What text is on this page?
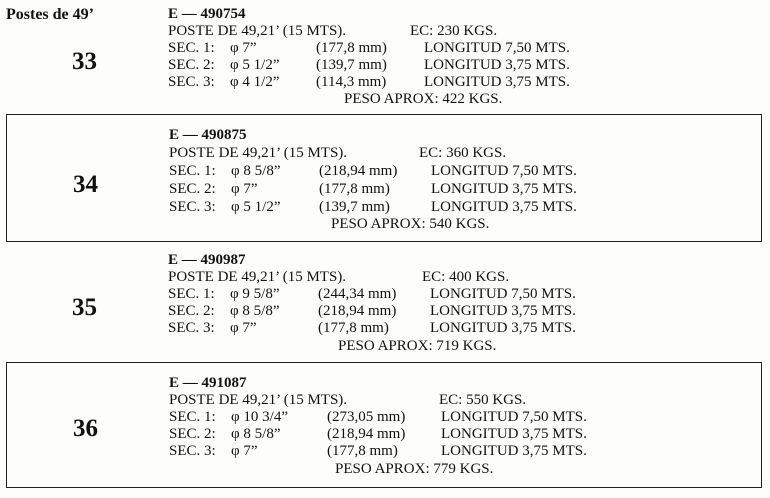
Postes de 49’
33
E — 490754
POSTE DE 49,21’ (15 MTS).	EC: 230 KGS.
SEC. 1: φ 7”	(177,8 mm) LONGITUD 7,50 MTS.
SEC. 2: φ 5 1/2” (139,7 mm) LONGITUD 3,75 MTS.
SEC. 3: φ 4 1/2” (114,3 mm)	LONGITUD 3,75 MTS.
PESO APROX: 422 KGS.
34
E — 490875
POSTE DE 49,21’ (15 MTS).	EC: 360 KGS.
SEC. 1: φ 8 5/8”	(218,94 mm) LONGITUD 7,50 MTS.
SEC. 2: φ 7”	(177,8 mm)	LONGITUD 3,75 MTS.
SEC. 3: φ 5 1/2”	(139,7 mm)	LONGITUD 3,75 MTS.
PESO APROX: 540 KGS.
35
E — 490987
POSTE DE 49,21’ (15 MTS).	EC: 400 KGS.
SEC. 1: φ 9 5/8”	(244,34 mm) LONGITUD 7,50 MTS.
SEC. 2: φ 8 5/8”	(218,94 mm) LONGITUD 3,75 MTS.
SEC. 3: φ 7”	(177,8 mm)	LONGITUD 3,75 MTS.
PESO APROX: 719 KGS.
36
E — 491087
POSTE DE 49,21’ (15 MTS).	EC: 550 KGS.
SEC. 1: φ 10 3/4”	(273,05 mm) LONGITUD 7,50 MTS.
SEC. 2: φ 8 5/8”	(218,94 mm) LONGITUD 3,75 MTS.
SEC. 3: φ 7”	(177,8 mm)	LONGITUD 3,75 MTS.
PESO APROX: 779 KGS.
